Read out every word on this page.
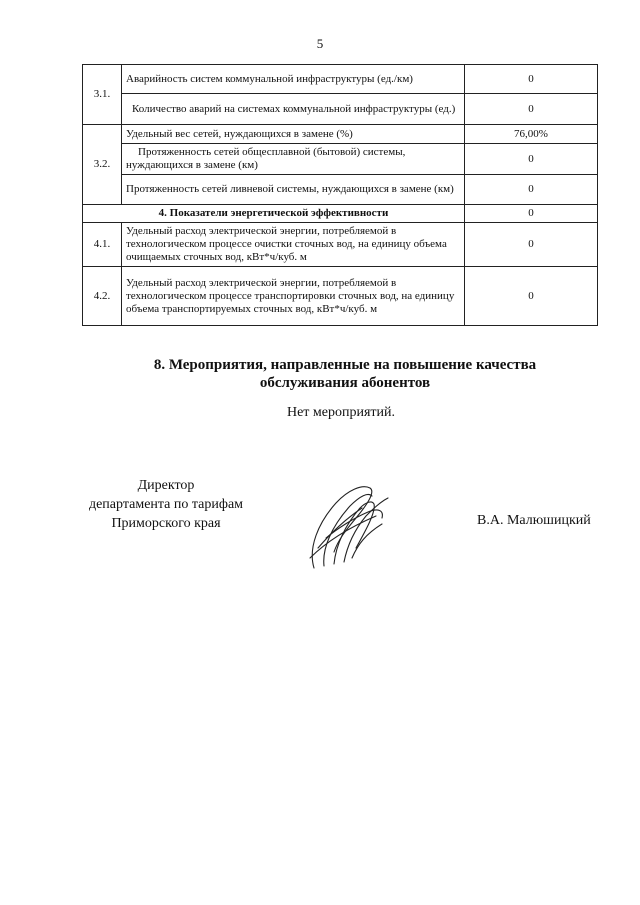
5
3.1.	Аварийность систем коммунальной инфраструктуры (ед./км)	0
	Количество аварий на системах коммунальной инфраструктуры (ед.)	0
3.2.	Удельный вес сетей, нуждающихся в замене (%)	76,00%
	Протяженность сетей общесплавной (бытовой) системы, нуждающихся в замене (км)	0
	Протяженность сетей ливневой системы, нуждающихся в замене (км)	0
4. Показатели энергетической эффективности		0
4.1.	Удельный расход электрической энергии, потребляемой в технологическом процессе очистки сточных вод, на единицу объема очищаемых сточных вод, кВт*ч/куб. м	0
4.2.	Удельный расход электрической энергии, потребляемой в технологическом процессе транспортировки сточных вод, на единицу объема транспортируемых сточных вод, кВт*ч/куб. м	0
8. Мероприятия, направленные на повышение качества
обслуживания абонентов
Нет мероприятий.
Директор
департамента по тарифам
Приморского края	В.А. Малюшицкий
